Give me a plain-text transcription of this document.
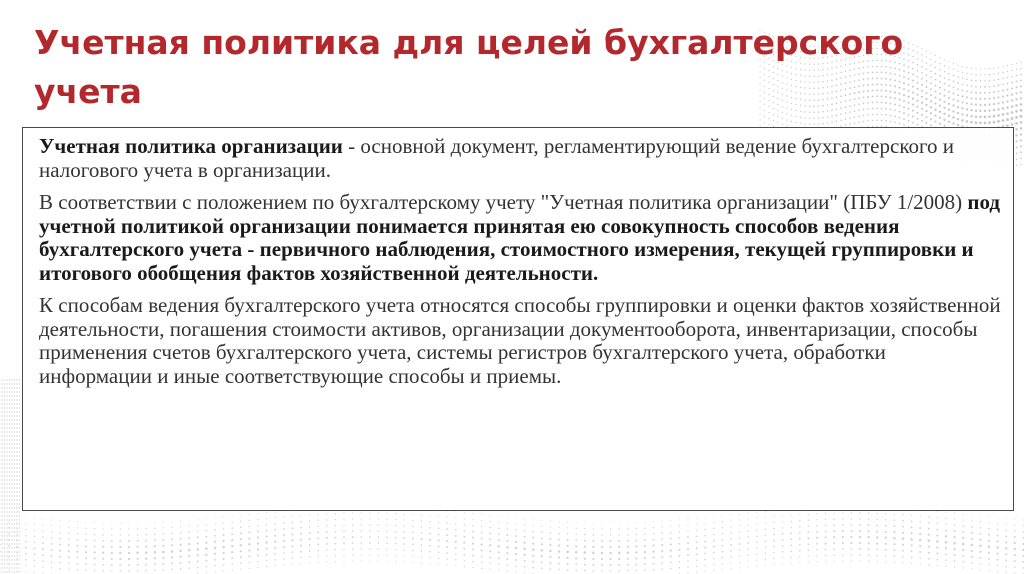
Учетная политика для целей бухгалтерского учета

Учетная политика организации - основной документ, регламентирующий ведение бухгалтерского и налогового учета в организации.

В соответствии с положением по бухгалтерскому учету "Учетная политика организации" (ПБУ 1/2008) под учетной политикой организации понимается принятая ею совокупность способов ведения бухгалтерского учета - первичного наблюдения, стоимостного измерения, текущей группировки и итогового обобщения фактов хозяйственной деятельности.

К способам ведения бухгалтерского учета относятся способы группировки и оценки фактов хозяйственной деятельности, погашения стоимости активов, организации документооборота, инвентаризации, способы применения счетов бухгалтерского учета, системы регистров бухгалтерского учета, обработки информации и иные соответствующие способы и приемы.
